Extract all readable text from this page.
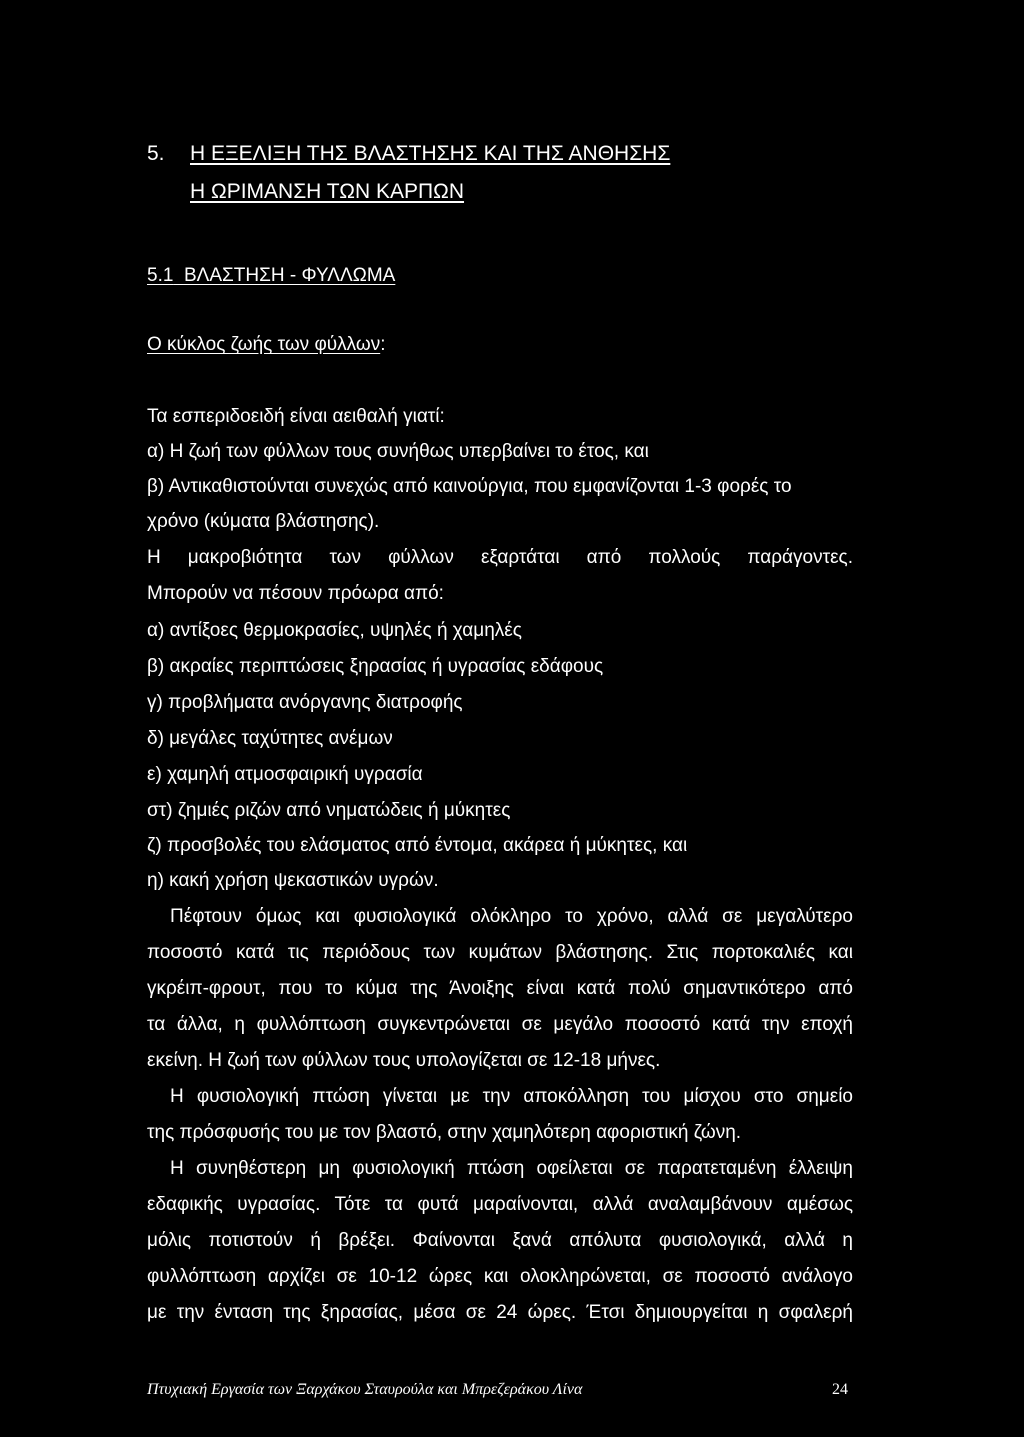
5. Η ΕΞΕΛΙΞΗ ΤΗΣ ΒΛΑΣΤΗΣΗΣ ΚΑΙ ΤΗΣ ΑΝΘΗΣΗΣ
Η ΩΡΙΜΑΝΣΗ ΤΩΝ ΚΑΡΠΩΝ
5.1 ΒΛΑΣΤΗΣΗ - ΦΥΛΛΩΜΑ
Ο κύκλος ζωής των φύλλων:
Τα εσπεριδοειδή είναι αειθαλή γιατί:
α) Η ζωή των φύλλων τους συνήθως υπερβαίνει το έτος, και
β) Αντικαθιστούνται συνεχώς από καινούργια, που εμφανίζονται 1-3 φορές το
χρόνο (κύματα βλάστησης).
Η μακροβιότητα των φύλλων εξαρτάται από πολλούς παράγοντες.
Μπορούν να πέσουν πρόωρα από:
α) αντίξοες θερμοκρασίες, υψηλές ή χαμηλές
β) ακραίες περιπτώσεις ξηρασίας ή υγρασίας εδάφους
γ) προβλήματα ανόργανης διατροφής
δ) μεγάλες ταχύτητες ανέμων
ε) χαμηλή ατμοσφαιρική υγρασία
στ) ζημιές ριζών από νηματώδεις ή μύκητες
ζ) προσβολές του ελάσματος από έντομα, ακάρεα ή μύκητες, και
η) κακή χρήση ψεκαστικών υγρών.
Πέφτουν όμως και φυσιολογικά ολόκληρο το χρόνο, αλλά σε μεγαλύτερο
ποσοστό κατά τις περιόδους των κυμάτων βλάστησης. Στις πορτοκαλιές και
γκρέιπ-φρουτ, που το κύμα της Άνοιξης είναι κατά πολύ σημαντικότερο από
τα άλλα, η φυλλόπτωση συγκεντρώνεται σε μεγάλο ποσοστό κατά την εποχή
εκείνη. Η ζωή των φύλλων τους υπολογίζεται σε 12-18 μήνες.
Η φυσιολογική πτώση γίνεται με την αποκόλληση του μίσχου στο σημείο
της πρόσφυσής του με τον βλαστό, στην χαμηλότερη αφοριστική ζώνη.
Η συνηθέστερη μη φυσιολογική πτώση οφείλεται σε παρατεταμένη έλλειψη
εδαφικής υγρασίας. Τότε τα φυτά μαραίνονται, αλλά αναλαμβάνουν αμέσως
μόλις ποτιστούν ή βρέξει. Φαίνονται ξανά απόλυτα φυσιολογικά, αλλά η
φυλλόπτωση αρχίζει σε 10-12 ώρες και ολοκληρώνεται, σε ποσοστό ανάλογο
με την ένταση της ξηρασίας, μέσα σε 24 ώρες. Έτσι δημιουργείται η σφαλερή
Πτυχιακή Εργασία των Ξαρχάκου Σταυρούλα και Μπρεζεράκου Λίνα	24
